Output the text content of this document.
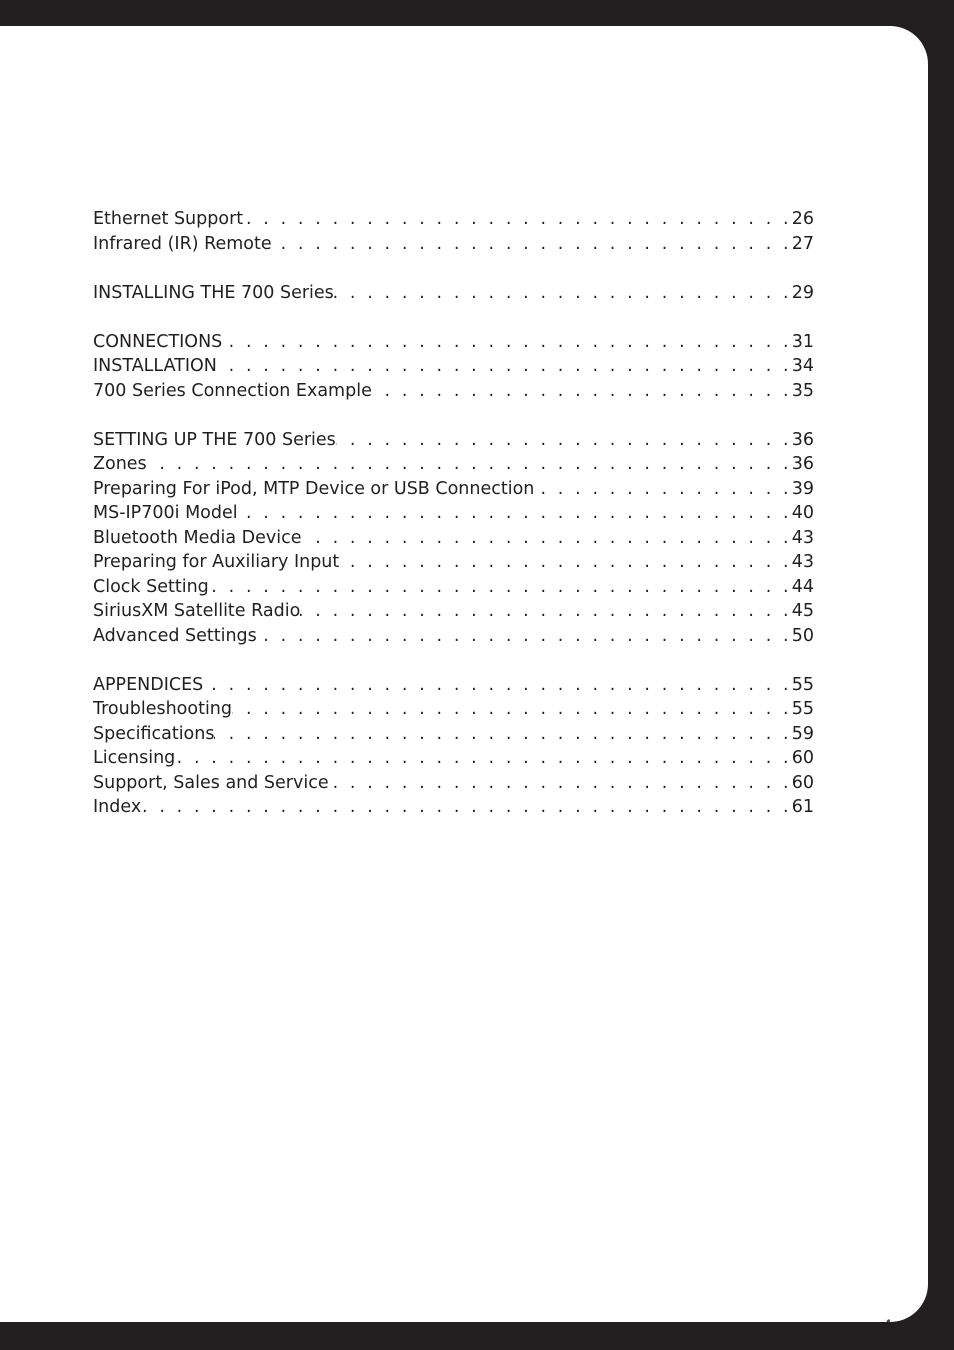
Ethernet Support . . .	26
Infrared (IR) Remote . . .	27
INSTALLING THE 700 Series . . .	29
CONNECTIONS . . .	31
INSTALLATION . . .	34
700 Series Connection Example . . .	35
SETTING UP THE 700 Series . . .	36
Zones . . .	36
Preparing For iPod, MTP Device or USB Connection . . .	39
MS-IP700i Model . . .	40
Bluetooth Media Device . . .	43
Preparing for Auxiliary Input . . .	43
Clock Setting . . .	44
SiriusXM Satellite Radio . . .	45
Advanced Settings . . .	50
APPENDICES . . .	55
Troubleshooting . . .	55
Specifications . . .	59
Licensing . . .	60
Support, Sales and Service . . .	60
Index . . .	61
4
